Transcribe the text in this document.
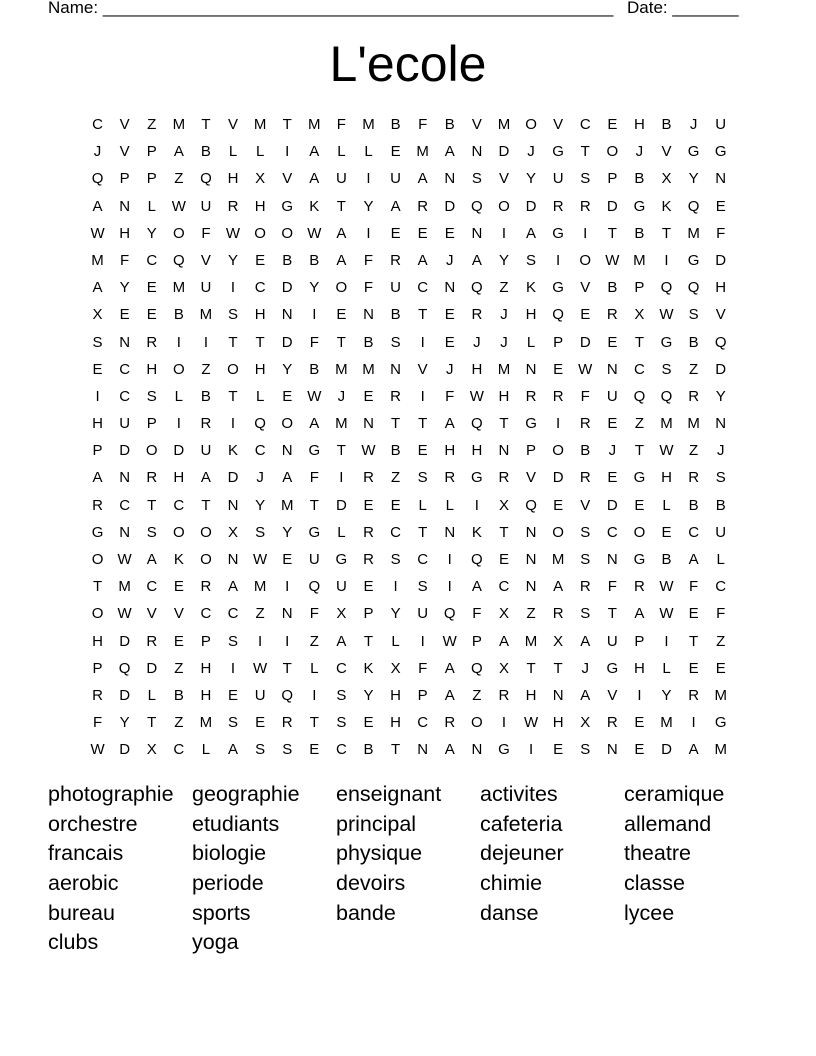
Name: ______________________________________________________ Date: _______
L'ecole
C	V	Z	M	T	V	M	T	M	F	M	B	F	B	V	M	O	V	C	E	H	B	J	U
J	V	P	A	B	L	L	I	A	L	L	E	M	A	N	D	J	G	T	O	J	V	G	G
Q	P	P	Z	Q	H	X	V	A	U	I	U	A	N	S	V	Y	U	S	P	B	X	Y	N
A	N	L	W U	R	H	G	K	T	Y	A	R	D	Q	O	D	R	R	D	G	K	Q	E
W H	Y	O	F	W O	O W	A	I	E	E	E	N	I	A	G	I	T	B	T	M	F
M	F	C	Q	V	Y	E	B	B	A	F	R	A	J	A	Y	S	I	O W M	I	G	D
A	Y	E	M	U	I	C	D	Y	O	F	U	C	N	Q	Z	K	G	V	B	P	Q	Q	H
X	E	E	B	M	S	H	N	I	E	N	B	T	E	R	J	H	Q	E	R	X	W	S	V
S	N	R	I	I	T	T	D	F	T	B	S	I	E	J	J	L	P	D	E	T	G	B	Q
E	C	H	O	Z	O	H	Y	B	M M	N	V	J	H	M	N	E	W N	C	S	Z	D
I	C	S	L	B	T	L	E	W	J	E	R	I	F	W H	R	R	F	U	Q	Q	R	Y
H	U	P	I	R	I	Q	O	A	M	N	T	T	A	Q	T	G	I	R	E	Z	M M	N
P	D	O	D	U	K	C	N	G	T	W	B	E	H	H	N	P	O	B	J	T	W	Z	J
A	N	R	H	A	D	J	A	F	I	R	Z	S	R	G	R	V	D	R	E	G	H	R	S
R	C	T	C	T	N	Y	M	T	D	E	E	L	L	I	X	Q	E	V	D	E	L	B	B
G	N	S	O	O	X	S	Y	G	L	R	C	T	N	K	T	N	O	S	C	O	E	C	U
O W	A	K	O	N W	E	U	G	R	S	C	I	Q	E	N	M	S	N	G	B	A	L
T	M	C	E	R	A	M	I	Q	U	E	I	S	I	A	C	N	A	R	F	R W	F	C
O W	V	V	C	C	Z	N	F	X	P	Y	U	Q	F	X	Z	R	S	T	A	W	E	F
H	D	R	E	P	S	I	I	Z	A	T	L	I	W	P	A	M	X	A	U	P	I	T	Z
P	Q	D	Z	H	I	W	T	L	C	K	X	F	A	Q	X	T	T	J	G	H	L	E	E
R	D	L	B	H	E	U	Q	I	S	Y	H	P	A	Z	R	H	N	A	V	I	Y	R	M
F	Y	T	Z	M	S	E	R	T	S	E	H	C	R	O	I	W H	X	R	E	M	I	G
W D	X	C	L	A	S	S	E	C	B	T	N	A	N	G	I	E	S	N	E	D	A	M
photographie geographie	enseignant	activites	ceramique
orchestre	etudiants	principal	cafeteria	allemand
francais	biologie	physique	dejeuner	theatre
aerobic	periode	devoirs	chimie	classe
bureau	sports	bande	danse	lycee
clubs	yoga
